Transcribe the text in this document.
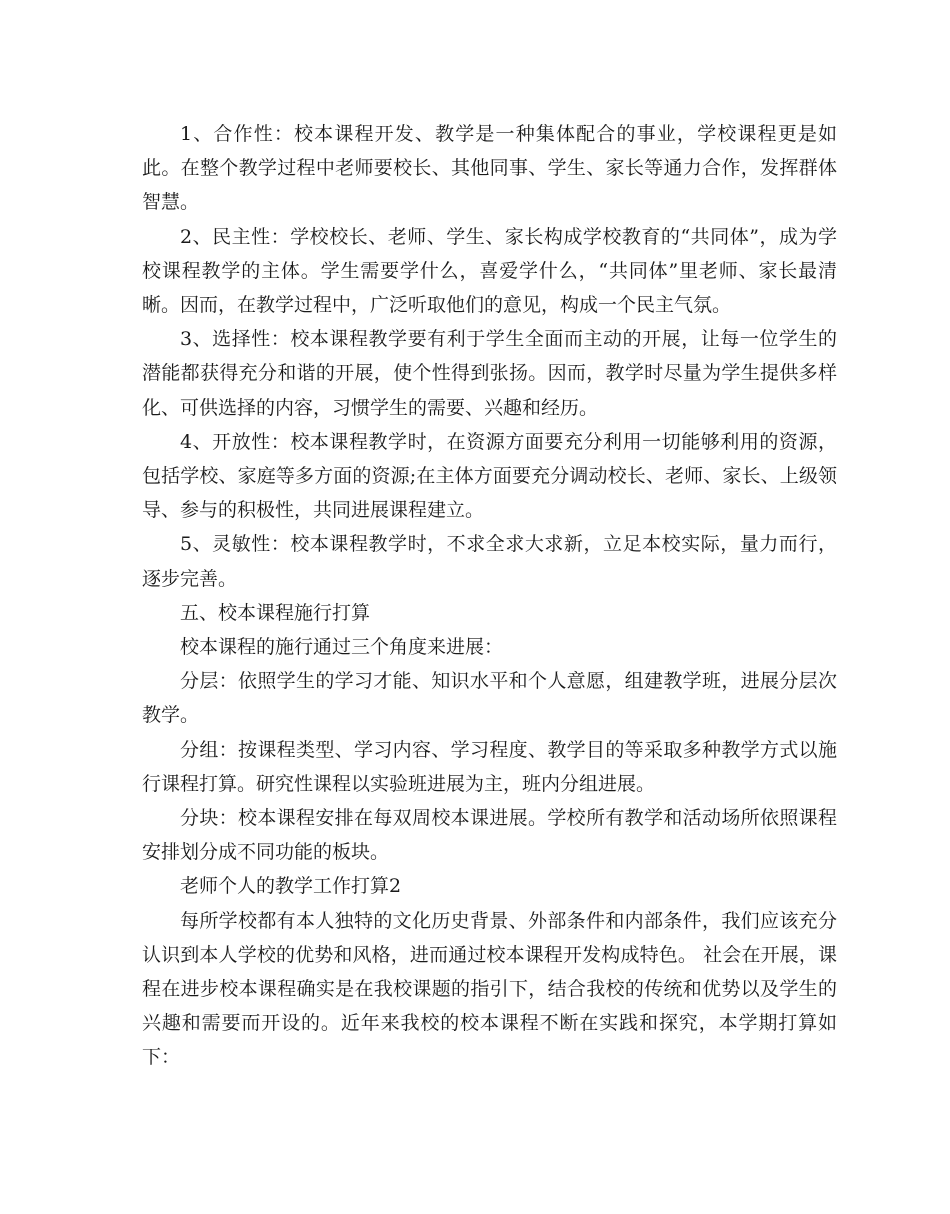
1、合作性：校本课程开发、教学是一种集体配合的事业，学校课程更是如此。在整个教学过程中老师要校长、其他同事、学生、家长等通力合作，发挥群体智慧。

2、民主性：学校校长、老师、学生、家长构成学校教育的“共同体”，成为学校课程教学的主体。学生需要学什么，喜爱学什么，“共同体”里老师、家长最清晰。因而，在教学过程中，广泛听取他们的意见，构成一个民主气氛。

3、选择性：校本课程教学要有利于学生全面而主动的开展，让每一位学生的潜能都获得充分和谐的开展，使个性得到张扬。因而，教学时尽量为学生提供多样化、可供选择的内容，习惯学生的需要、兴趣和经历。

4、开放性：校本课程教学时，在资源方面要充分利用一切能够利用的资源，包括学校、家庭等多方面的资源;在主体方面要充分调动校长、老师、家长、上级领导、参与的积极性，共同进展课程建立。

5、灵敏性：校本课程教学时，不求全求大求新，立足本校实际，量力而行，逐步完善。

五、校本课程施行打算

校本课程的施行通过三个角度来进展：

分层：依照学生的学习才能、知识水平和个人意愿，组建教学班，进展分层次教学。

分组：按课程类型、学习内容、学习程度、教学目的等采取多种教学方式以施行课程打算。研究性课程以实验班进展为主，班内分组进展。

分块：校本课程安排在每双周校本课进展。学校所有教学和活动场所依照课程安排划分成不同功能的板块。

老师个人的教学工作打算2

每所学校都有本人独特的文化历史背景、外部条件和内部条件，我们应该充分认识到本人学校的优势和风格，进而通过校本课程开发构成特色。 社会在开展，课程在进步校本课程确实是在我校课题的指引下，结合我校的传统和优势以及学生的兴趣和需要而开设的。近年来我校的校本课程不断在实践和探究，本学期打算如下：
